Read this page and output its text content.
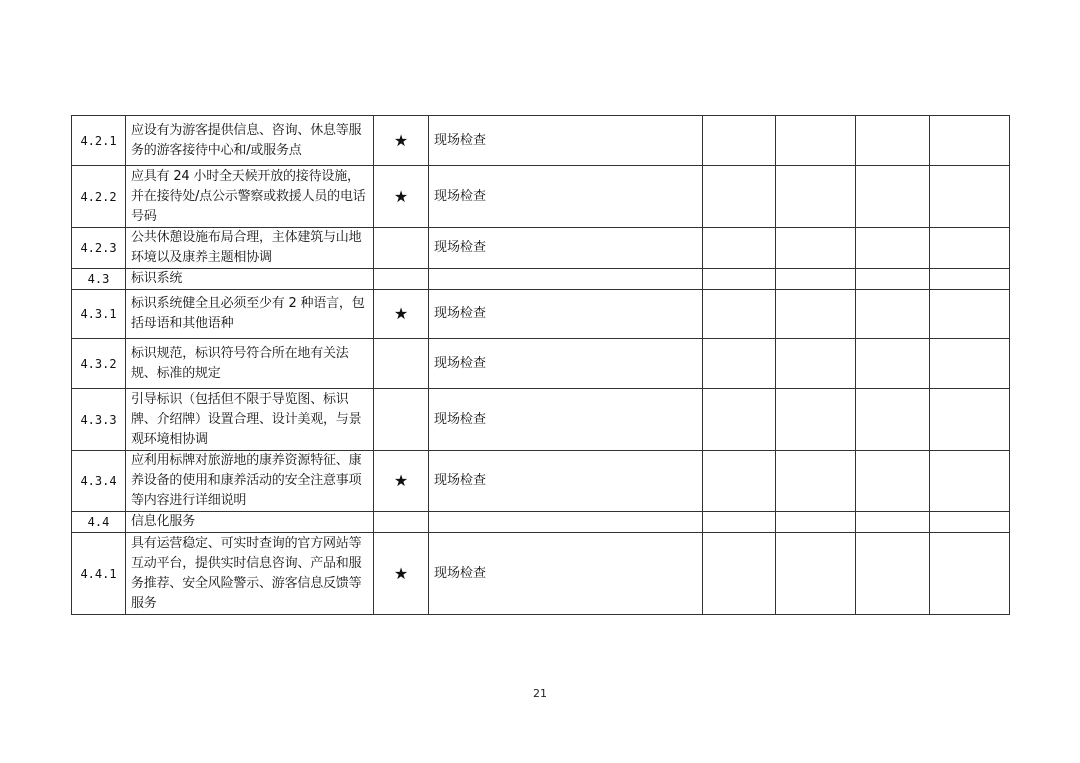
4.2.1	应设有为游客提供信息、咨询、休息等服务的游客接待中心和/或服务点	★	现场检查				
4.2.2	应具有 24 小时全天候开放的接待设施，并在接待处/点公示警察或救援人员的电话号码	★	现场检查				
4.2.3	公共休憩设施布局合理，主体建筑与山地环境以及康养主题相协调		现场检查				
4.3	标识系统						
4.3.1	标识系统健全且必须至少有 2 种语言，包括母语和其他语种	★	现场检查				
4.3.2	标识规范，标识符号符合所在地有关法规、标准的规定		现场检查				
4.3.3	引导标识（包括但不限于导览图、标识牌、介绍牌）设置合理、设计美观，与景观环境相协调		现场检查				
4.3.4	应利用标牌对旅游地的康养资源特征、康养设备的使用和康养活动的安全注意事项等内容进行详细说明	★	现场检查				
4.4	信息化服务						
4.4.1	具有运营稳定、可实时查询的官方网站等互动平台，提供实时信息咨询、产品和服务推荐、安全风险警示、游客信息反馈等服务	★	现场检查				
21
